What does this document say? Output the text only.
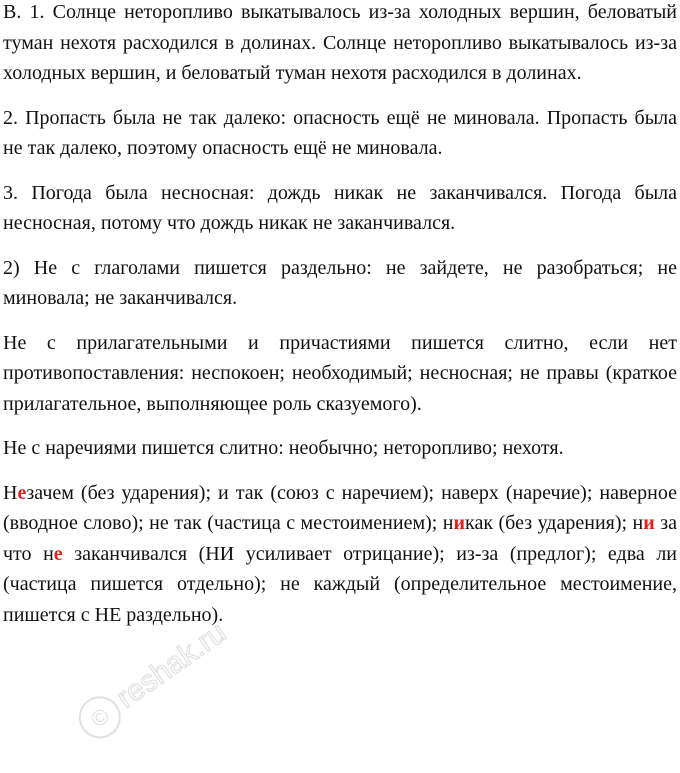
В. 1. Солнце неторопливо выкатывалось из-за холодных вершин, беловатый туман нехотя расходился в долинах. Солнце неторопливо выкатывалось из-за холодных вершин, и беловатый туман нехотя расходился в долинах.

2. Пропасть была не так далеко: опасность ещё не миновала. Пропасть была не так далеко, поэтому опасность ещё не миновала.

3. Погода была несносная: дождь никак не заканчивался. Погода была несносная, потому что дождь никак не заканчивался.

2) Не с глаголами пишется раздельно: не зайдете, не разобраться; не миновала; не заканчивался.

Не с прилагательными и причастиями пишется слитно, если нет противопоставления: неспокоен; необходимый; несносная; не правы (краткое прилагательное, выполняющее роль сказуемого).

Не с наречиями пишется слитно: необычно; неторопливо; нехотя.

Незачем (без ударения); и так (союз с наречием); наверх (наречие); наверное (вводное слово); не так (частица с местоимением); никак (без ударения); ни за что не заканчивался (НИ усиливает отрицание); из-за (предлог); едва ли (частица пишется отдельно); не каждый (определительное местоимение, пишется с НЕ раздельно).

©
reshak.ru
